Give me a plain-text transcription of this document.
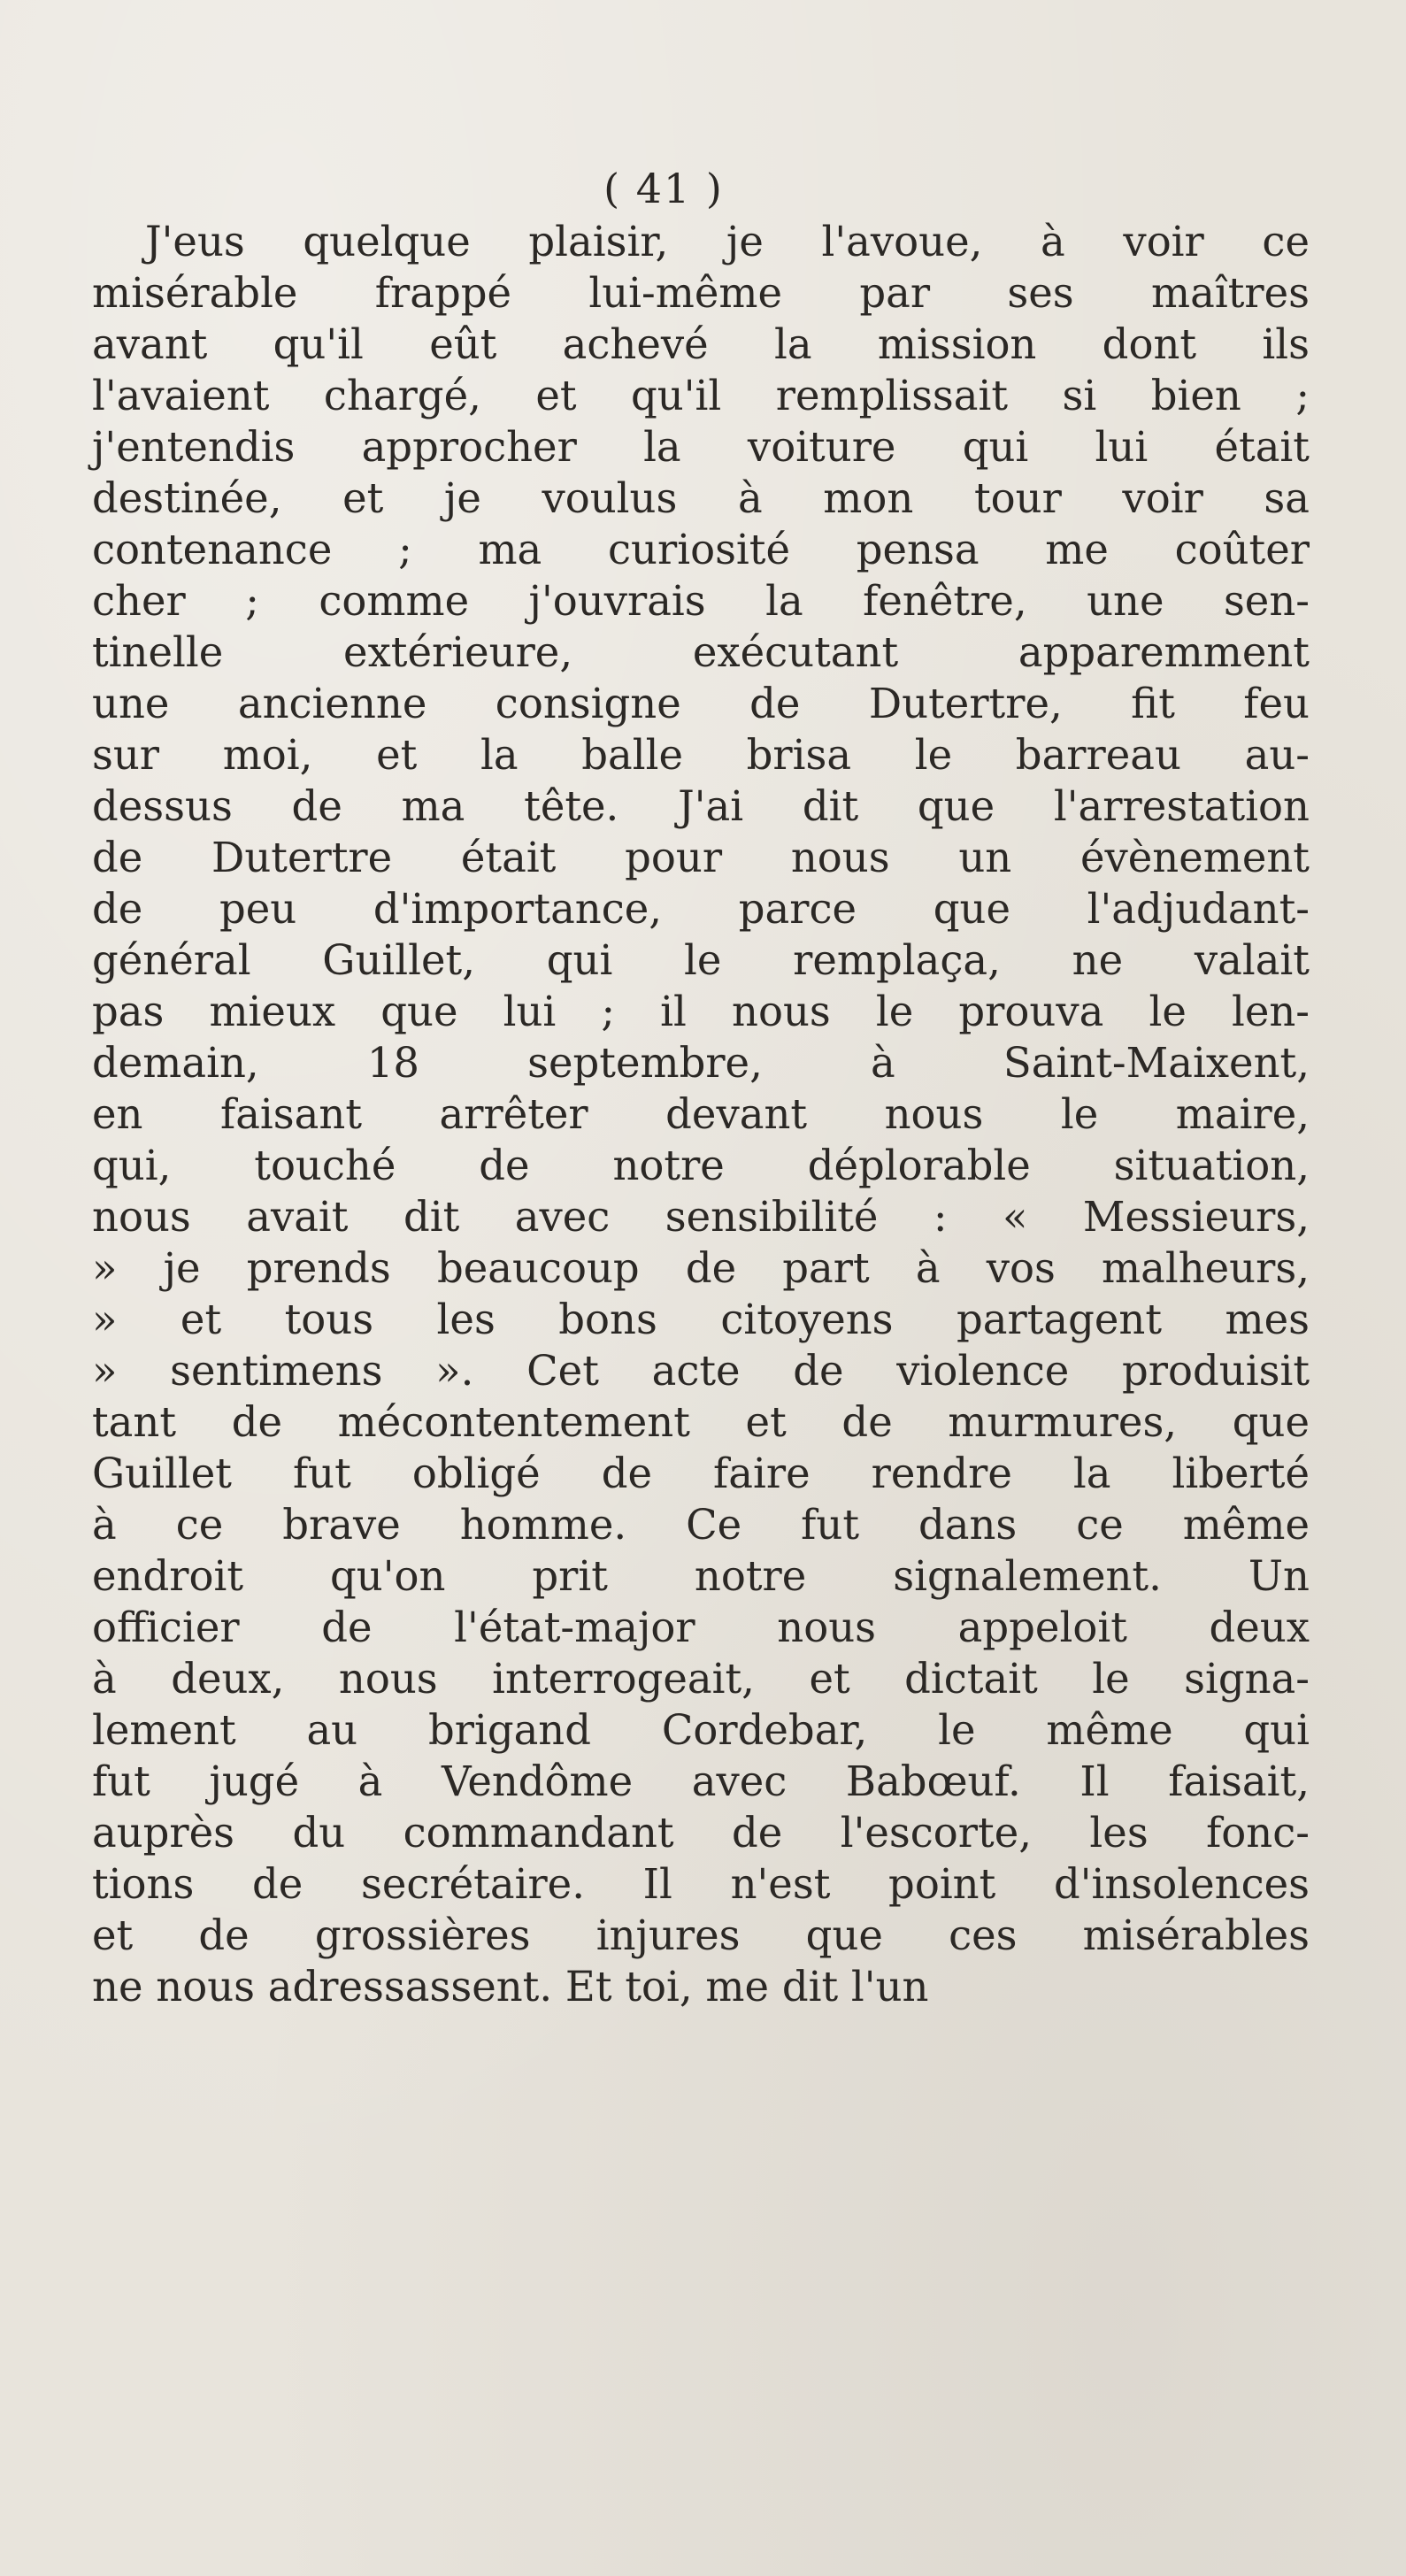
( 41 )
J'eus quelque plaisir, je l'avoue, à voir ce
misérable frappé lui-même par ses maîtres
avant qu'il eût achevé la mission dont ils
l'avaient chargé, et qu'il remplissait si bien ;
j'entendis approcher la voiture qui lui était
destinée, et je voulus à mon tour voir sa
contenance ; ma curiosité pensa me coûter
cher ; comme j'ouvrais la fenêtre, une sen-
tinelle extérieure, exécutant apparemment
une ancienne consigne de Dutertre, fit feu
sur moi, et la balle brisa le barreau au-
dessus de ma tête. J'ai dit que l'arrestation
de Dutertre était pour nous un évènement
de peu d'importance, parce que l'adjudant-
général Guillet, qui le remplaça, ne valait
pas mieux que lui ; il nous le prouva le len-
demain, 18 septembre, à Saint-Maixent,
en faisant arrêter devant nous le maire,
qui, touché de notre déplorable situation,
nous avait dit avec sensibilité : « Messieurs,
» je prends beaucoup de part à vos malheurs,
» et tous les bons citoyens partagent mes
» sentimens ». Cet acte de violence produisit
tant de mécontentement et de murmures, que
Guillet fut obligé de faire rendre la liberté
à ce brave homme. Ce fut dans ce même
endroit qu'on prit notre signalement. Un
officier de l'état-major nous appeloit deux
à deux, nous interrogeait, et dictait le signa-
lement au brigand Cordebar, le même qui
fut jugé à Vendôme avec Babœuf. Il faisait,
auprès du commandant de l'escorte, les fonc-
tions de secrétaire. Il n'est point d'insolences
et de grossières injures que ces misérables
ne nous adressassent. Et toi, me dit l'un
